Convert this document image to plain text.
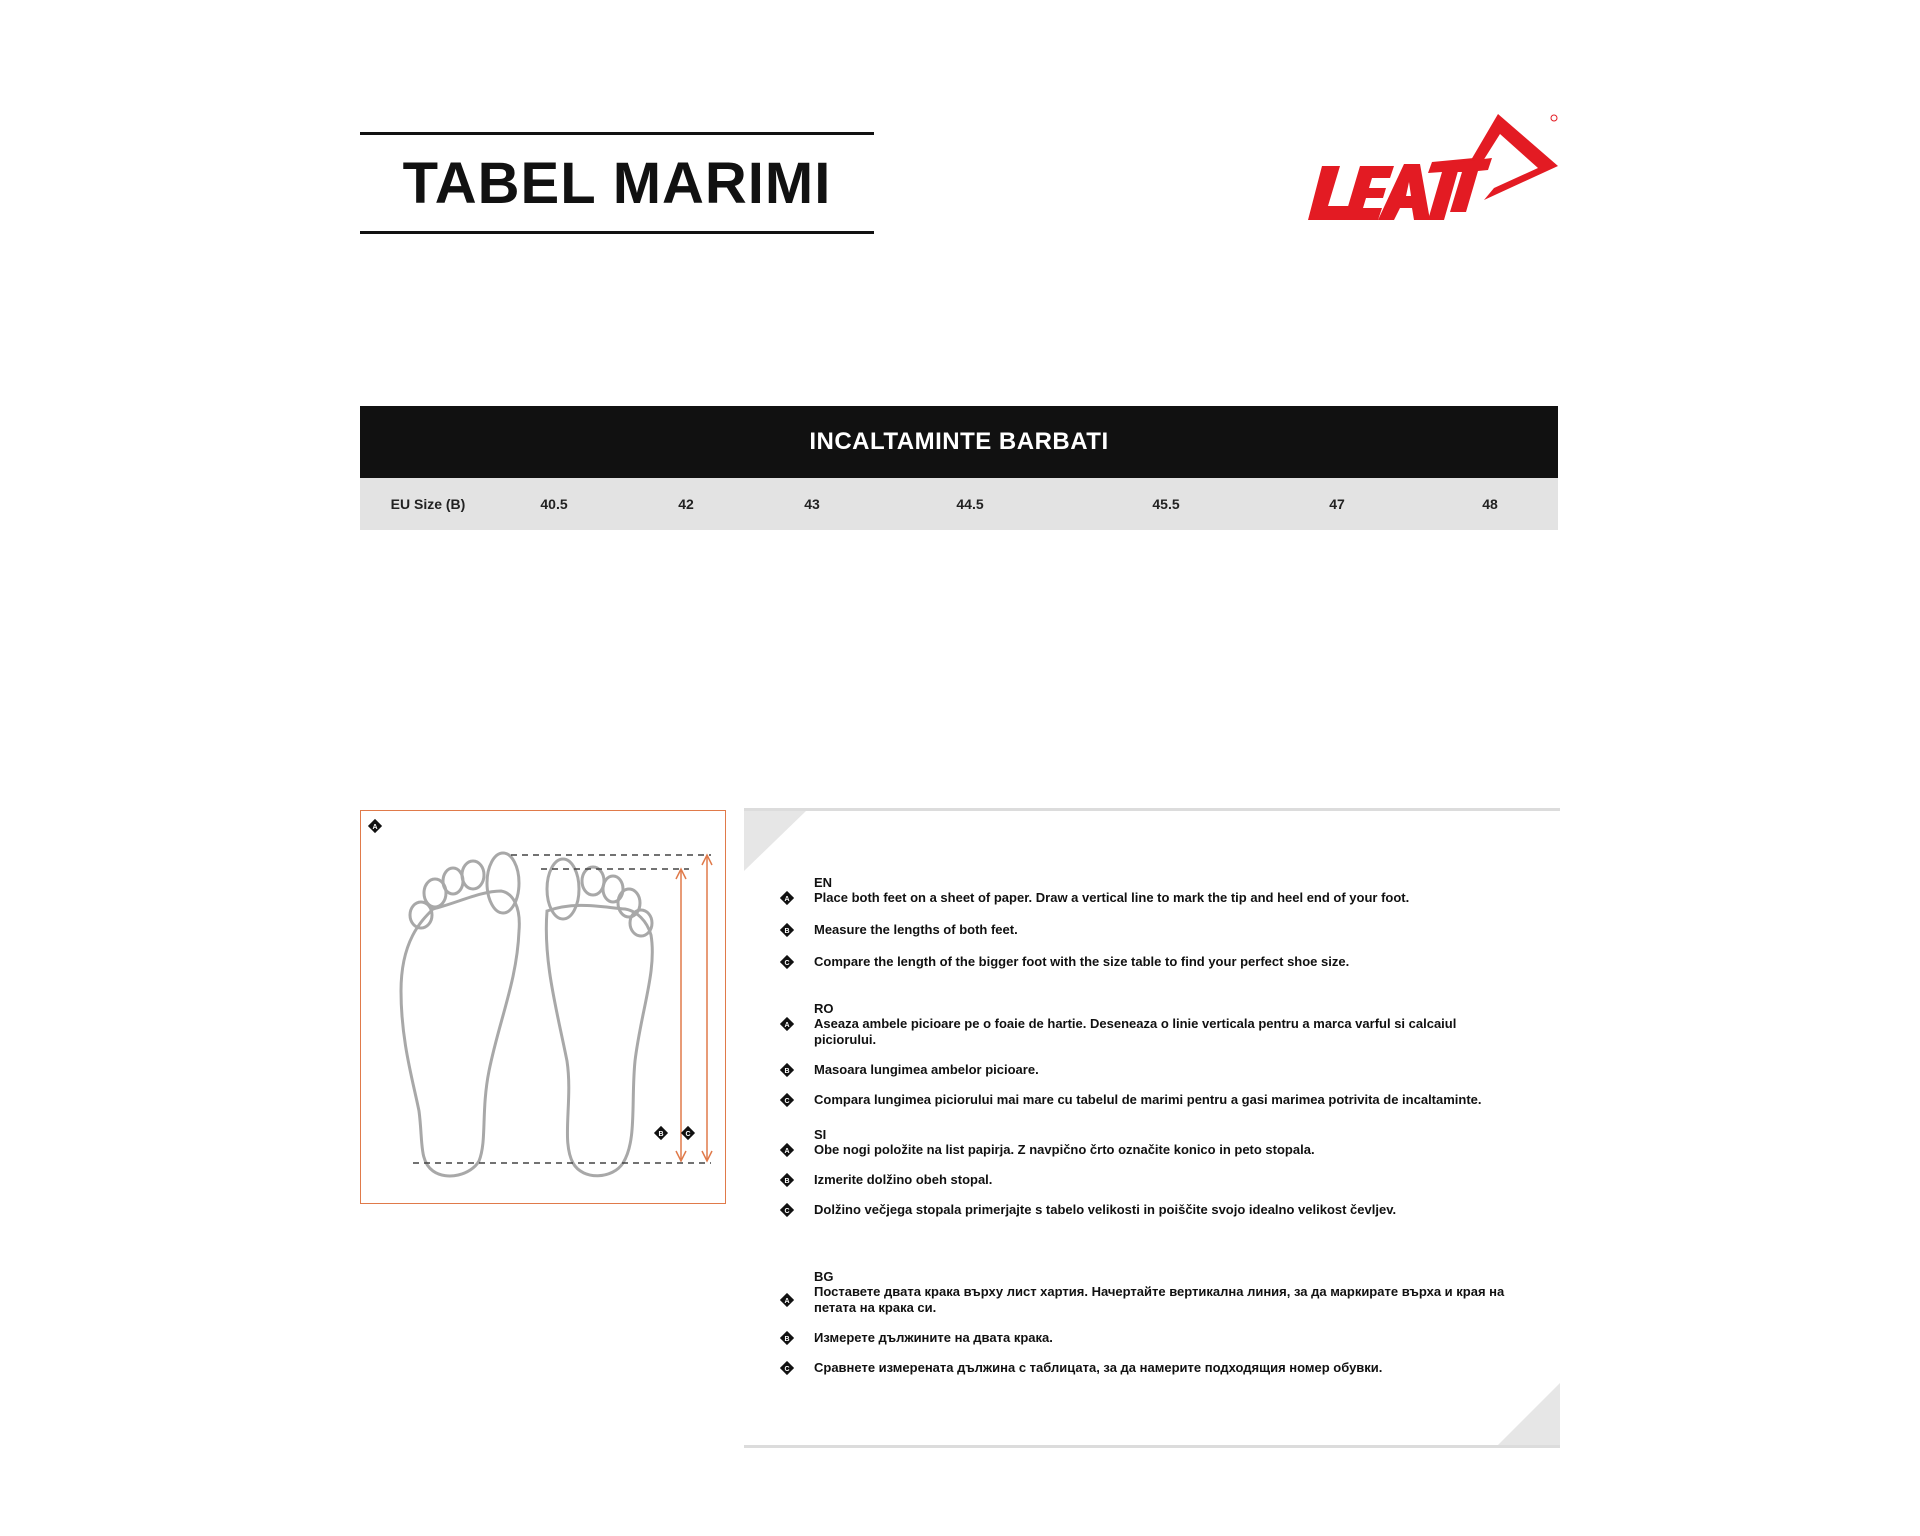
TABEL MARIMI
INCALTAMINTE BARBATI
EU Size (B)	40.5	42	43	44.5	45.5	47	48
A
B	C
EN
A Place both feet on a sheet of paper. Draw a vertical line to mark the tip and heel end of your foot.
B Measure the lengths of both feet.
C Compare the length of the bigger foot with the size table to find your perfect shoe size.
RO
A Aseaza ambele picioare pe o foaie de hartie. Deseneaza o linie verticala pentru a marca varful si calcaiul piciorului.
B Masoara lungimea ambelor picioare.
C Compara lungimea piciorului mai mare cu tabelul de marimi pentru a gasi marimea potrivita de incaltaminte.
SI
A Obe nogi položite na list papirja. Z navpično črto označite konico in peto stopala.
B Izmerite dolžino obeh stopal.
C Dolžino večjega stopala primerjajte s tabelo velikosti in poiščite svojo idealno velikost čevljev.
BG
A
Поставете двата крака върху лист хартия. Начертайте вертикална линия, за да маркирате върха и края на петата на крака си.
B Измерете дължините на двата крака.
C Сравнете измерената дължина с таблицата, за да намерите подходящия номер обувки.
